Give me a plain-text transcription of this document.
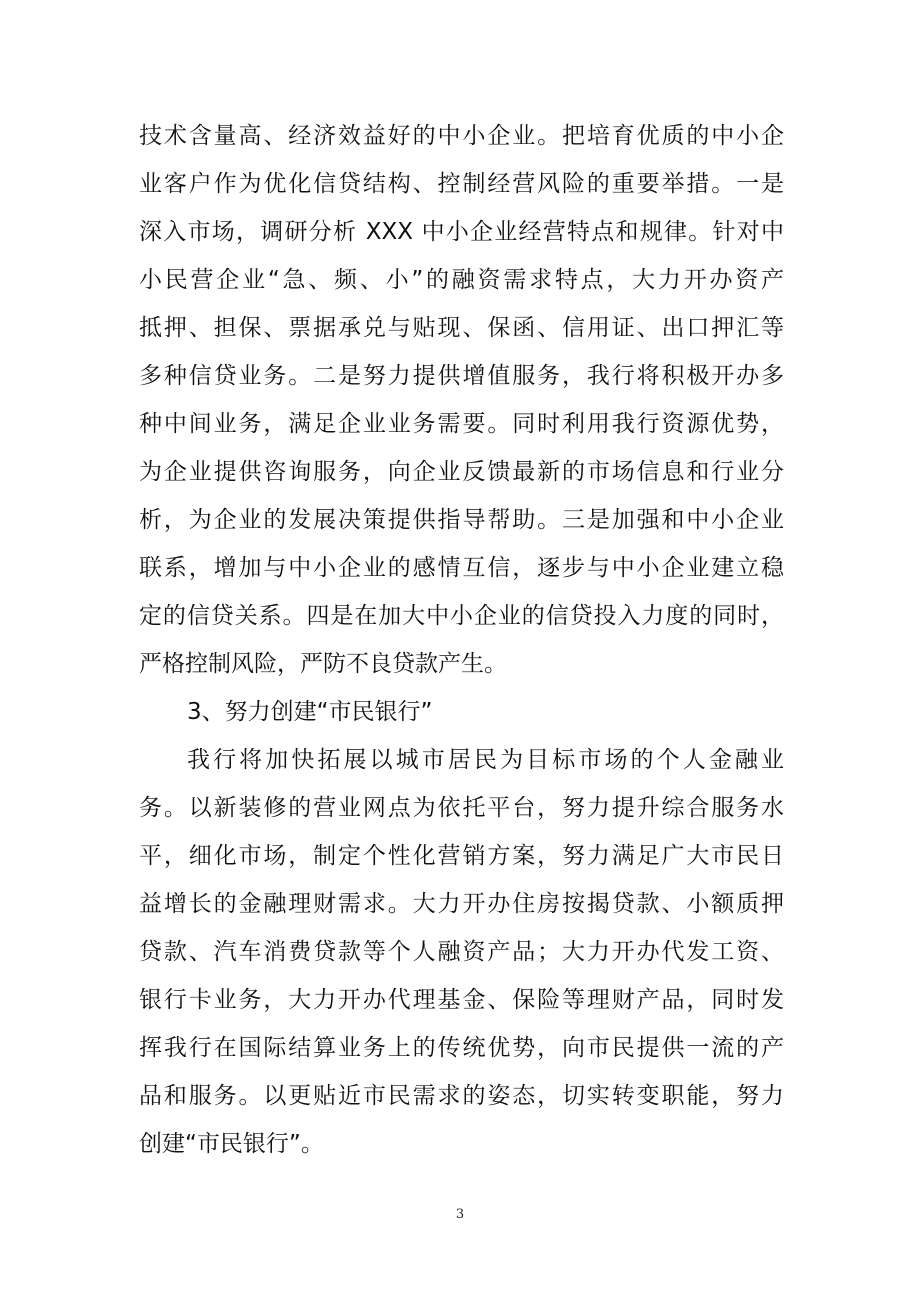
技术含量高、经济效益好的中小企业。把培育优质的中小企
业客户作为优化信贷结构、控制经营风险的重要举措。一是
深入市场，调研分析 XXX 中小企业经营特点和规律。针对中
小民营企业“急、频、小”的融资需求特点，大力开办资产
抵押、担保、票据承兑与贴现、保函、信用证、出口押汇等
多种信贷业务。二是努力提供增值服务，我行将积极开办多
种中间业务，满足企业业务需要。同时利用我行资源优势，
为企业提供咨询服务，向企业反馈最新的市场信息和行业分
析，为企业的发展决策提供指导帮助。三是加强和中小企业
联系，增加与中小企业的感情互信，逐步与中小企业建立稳
定的信贷关系。四是在加大中小企业的信贷投入力度的同时，
严格控制风险，严防不良贷款产生。
3、努力创建“市民银行”
我行将加快拓展以城市居民为目标市场的个人金融业
务。以新装修的营业网点为依托平台，努力提升综合服务水
平，细化市场，制定个性化营销方案，努力满足广大市民日
益增长的金融理财需求。大力开办住房按揭贷款、小额质押
贷款、汽车消费贷款等个人融资产品；大力开办代发工资、
银行卡业务，大力开办代理基金、保险等理财产品，同时发
挥我行在国际结算业务上的传统优势，向市民提供一流的产
品和服务。以更贴近市民需求的姿态，切实转变职能，努力
创建“市民银行”。
3
